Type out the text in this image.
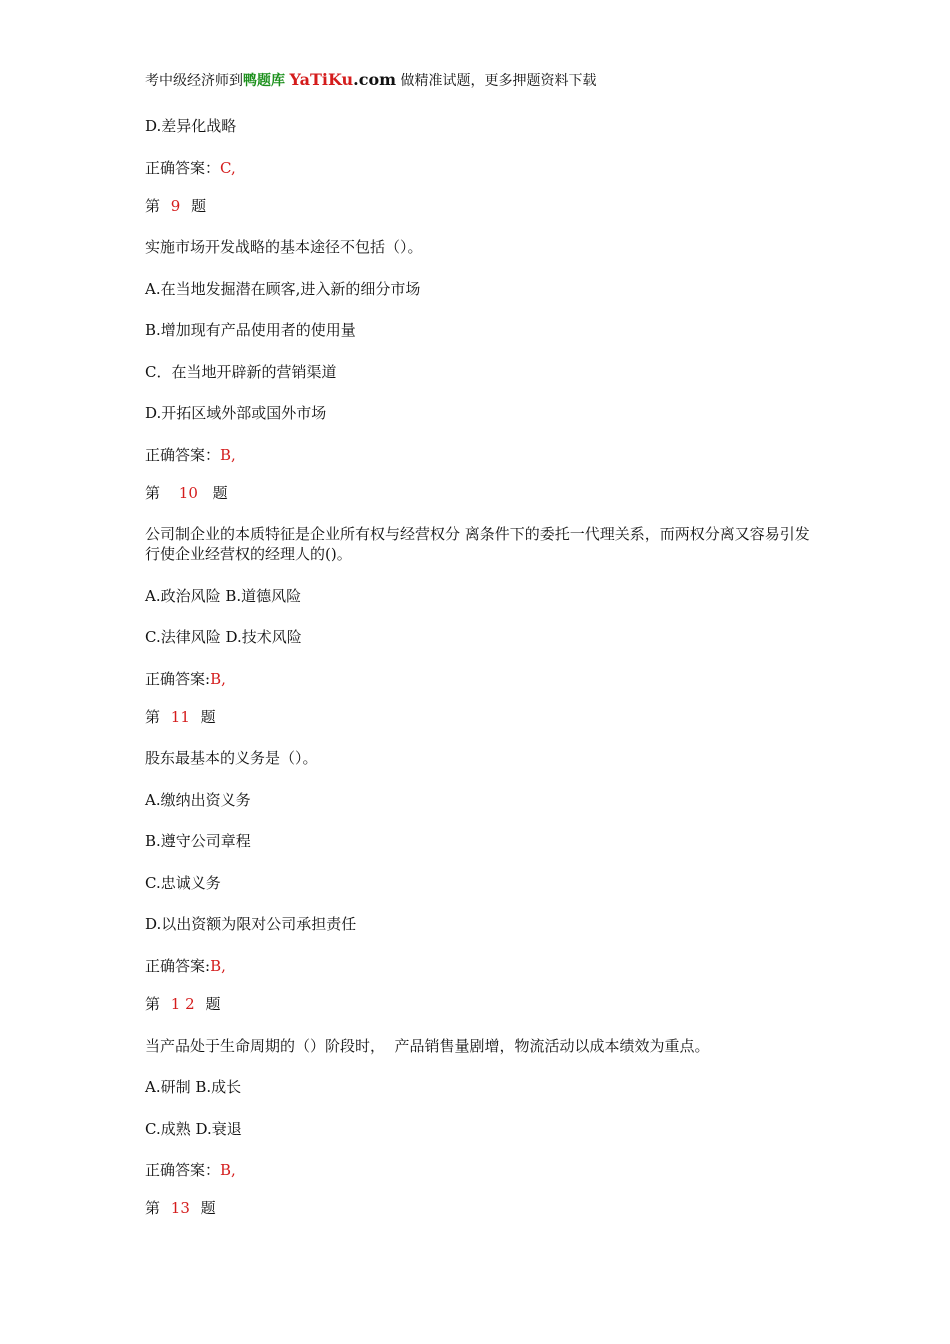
考中级经济师到鸭题库 YaTiKu.com 做精准试题，更多押题资料下载
D.差异化战略
正确答案：C,
第 9 题
实施市场开发战略的基本途径不包括（）。
A.在当地发掘潜在顾客,进入新的细分市场
B.增加现有产品使用者的使用量
C．在当地开辟新的营销渠道
D.开拓区域外部或国外市场
正确答案：B,
第 10 题
公司制企业的本质特征是企业所有权与经营权分 离条件下的委托一代理关系，而两权分离又容易引发行使企业经营权的经理人的()。
A.政治风险 B.道德风险
C.法律风险 D.技术风险
正确答案:B,
第 11 题
股东最基本的义务是（）。
A.缴纳出资义务
B.遵守公司章程
C.忠诚义务
D.以出资额为限对公司承担责任
正确答案:B,
第 1 2 题
当产品处于生命周期的（）阶段时，  产品销售量剧增，物流活动以成本绩效为重点。
A.研制 B.成长
C.成熟 D.衰退
正确答案：B,
第 13 题
